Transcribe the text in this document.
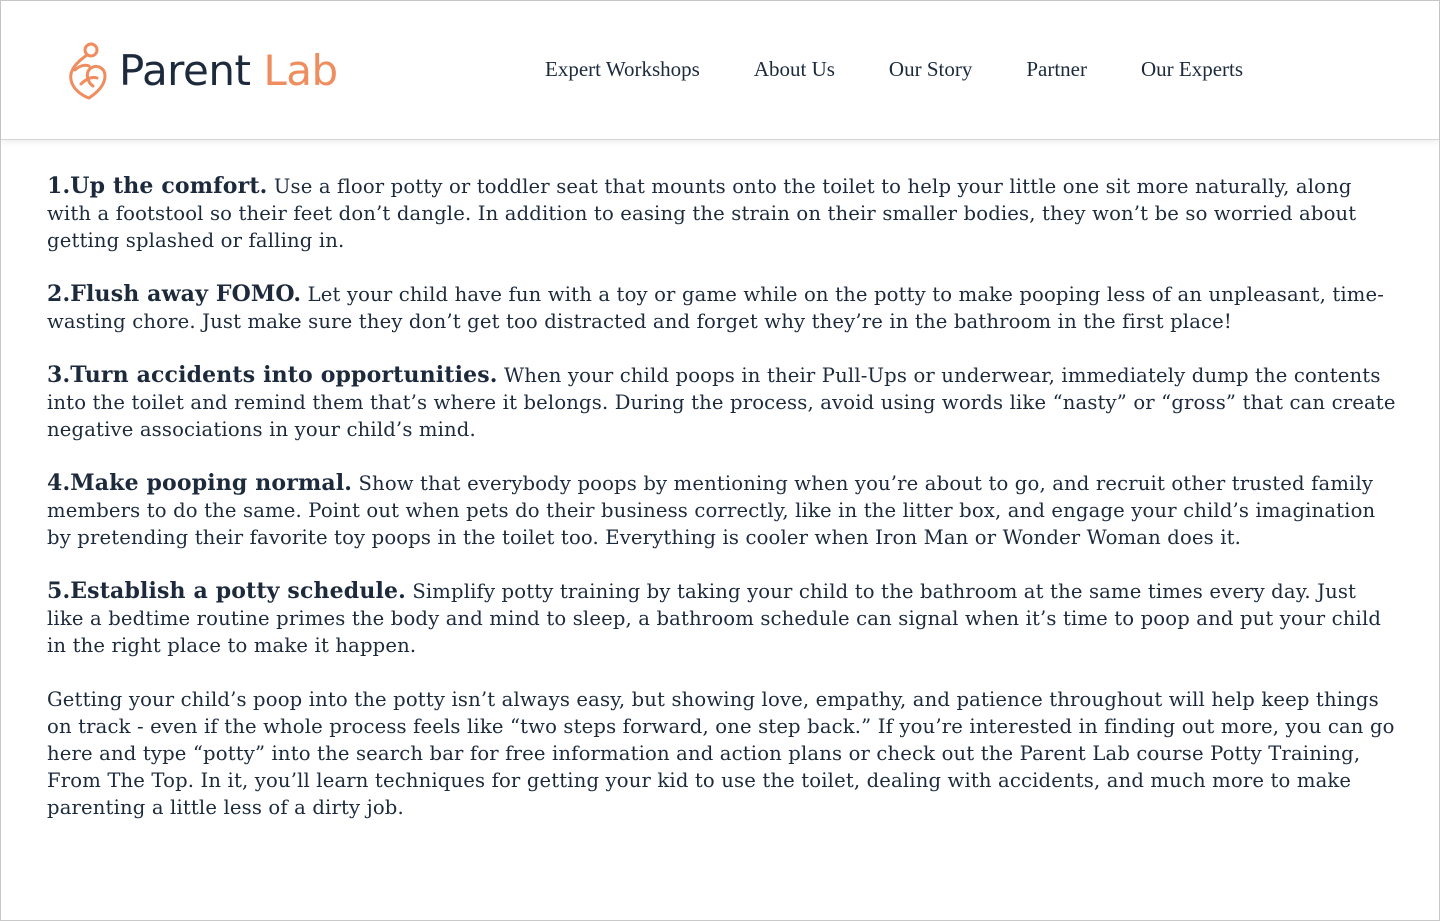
Parent Lab	Expert Workshops	About Us	Our Story	Partner	Our Experts

1.Up the comfort. Use a floor potty or toddler seat that mounts onto the toilet to help your little one sit more naturally, along with a footstool so their feet don’t dangle. In addition to easing the strain on their smaller bodies, they won’t be so worried about getting splashed or falling in.

2.Flush away FOMO. Let your child have fun with a toy or game while on the potty to make pooping less of an unpleasant, time-wasting chore. Just make sure they don’t get too distracted and forget why they’re in the bathroom in the first place!

3.Turn accidents into opportunities. When your child poops in their Pull-Ups or underwear, immediately dump the contents into the toilet and remind them that’s where it belongs. During the process, avoid using words like “nasty” or “gross” that can create negative associations in your child’s mind.

4.Make pooping normal. Show that everybody poops by mentioning when you’re about to go, and recruit other trusted family members to do the same. Point out when pets do their business correctly, like in the litter box, and engage your child’s imagination by pretending their favorite toy poops in the toilet too. Everything is cooler when Iron Man or Wonder Woman does it.

5.Establish a potty schedule. Simplify potty training by taking your child to the bathroom at the same times every day. Just like a bedtime routine primes the body and mind to sleep, a bathroom schedule can signal when it’s time to poop and put your child in the right place to make it happen.

Getting your child’s poop into the potty isn’t always easy, but showing love, empathy, and patience throughout will help keep things on track - even if the whole process feels like “two steps forward, one step back.” If you’re interested in finding out more, you can go here and type “potty” into the search bar for free information and action plans or check out the Parent Lab course Potty Training, From The Top. In it, you’ll learn techniques for getting your kid to use the toilet, dealing with accidents, and much more to make parenting a little less of a dirty job.
